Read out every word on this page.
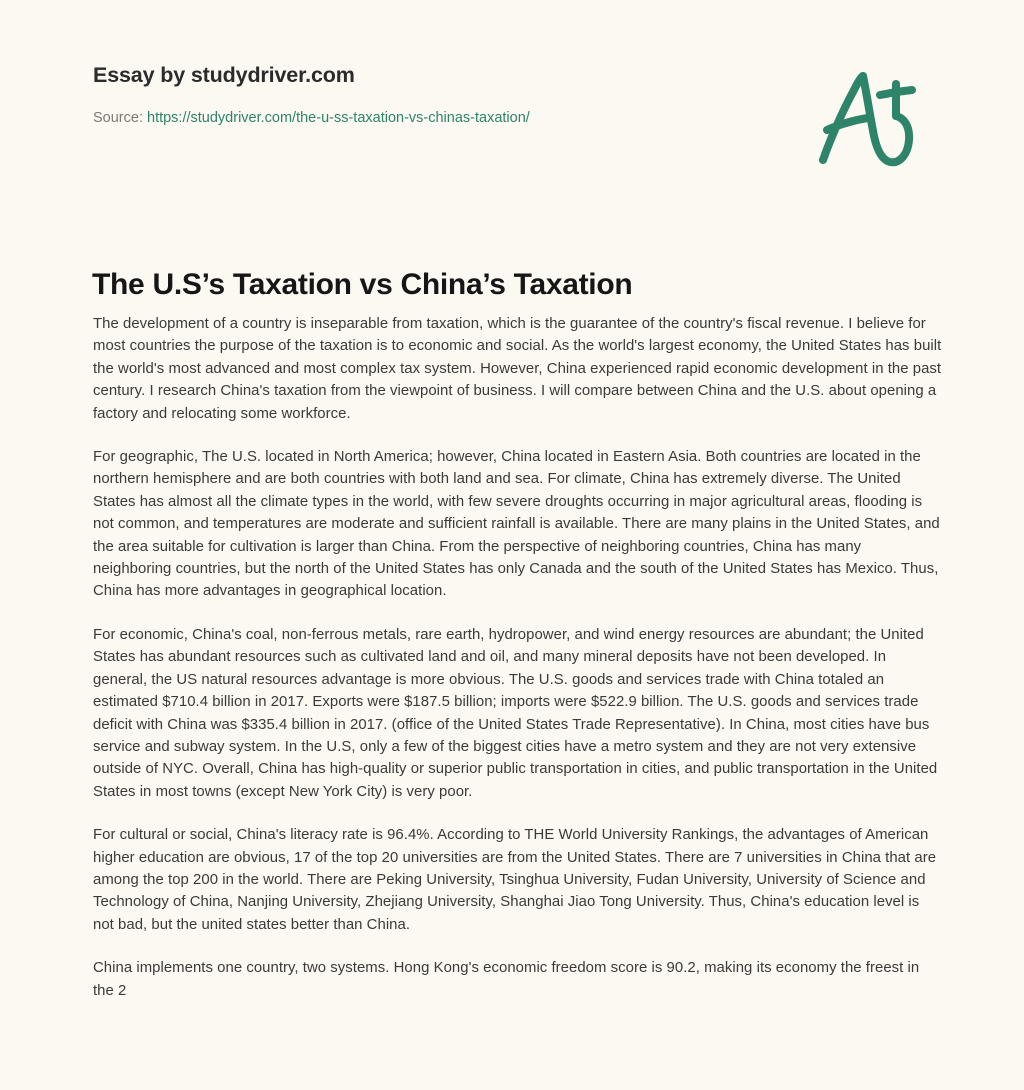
Essay by studydriver.com
Source: https://studydriver.com/the-u-ss-taxation-vs-chinas-taxation/
The U.S’s Taxation vs China’s Taxation

The development of a country is inseparable from taxation, which is the guarantee of the country's fiscal revenue. I believe for most countries the purpose of the taxation is to economic and social. As the world's largest economy, the United States has built the world's most advanced and most complex tax system. However, China experienced rapid economic development in the past century. I research China's taxation from the viewpoint of business. I will compare between China and the U.S. about opening a factory and relocating some workforce.

For geographic, The U.S. located in North America; however, China located in Eastern Asia. Both countries are located in the northern hemisphere and are both countries with both land and sea. For climate, China has extremely diverse. The United States has almost all the climate types in the world, with few severe droughts occurring in major agricultural areas, flooding is not common, and temperatures are moderate and sufficient rainfall is available. There are many plains in the United States, and the area suitable for cultivation is larger than China. From the perspective of neighboring countries, China has many neighboring countries, but the north of the United States has only Canada and the south of the United States has Mexico. Thus, China has more advantages in geographical location.

For economic, China's coal, non-ferrous metals, rare earth, hydropower, and wind energy resources are abundant; the United States has abundant resources such as cultivated land and oil, and many mineral deposits have not been developed. In general, the US natural resources advantage is more obvious. The U.S. goods and services trade with China totaled an estimated $710.4 billion in 2017. Exports were $187.5 billion; imports were $522.9 billion. The U.S. goods and services trade deficit with China was $335.4 billion in 2017. (office of the United States Trade Representative). In China, most cities have bus service and subway system. In the U.S, only a few of the biggest cities have a metro system and they are not very extensive outside of NYC. Overall, China has high-quality or superior public transportation in cities, and public transportation in the United States in most towns (except New York City) is very poor.

For cultural or social, China's literacy rate is 96.4%. According to THE World University Rankings, the advantages of American higher education are obvious, 17 of the top 20 universities are from the United States. There are 7 universities in China that are among the top 200 in the world. There are Peking University, Tsinghua University, Fudan University, University of Science and Technology of China, Nanjing University, Zhejiang University, Shanghai Jiao Tong University. Thus, China's education level is not bad, but the united states better than China.

China implements one country, two systems. Hong Kong's economic freedom score is 90.2, making its economy the freest in the 2
